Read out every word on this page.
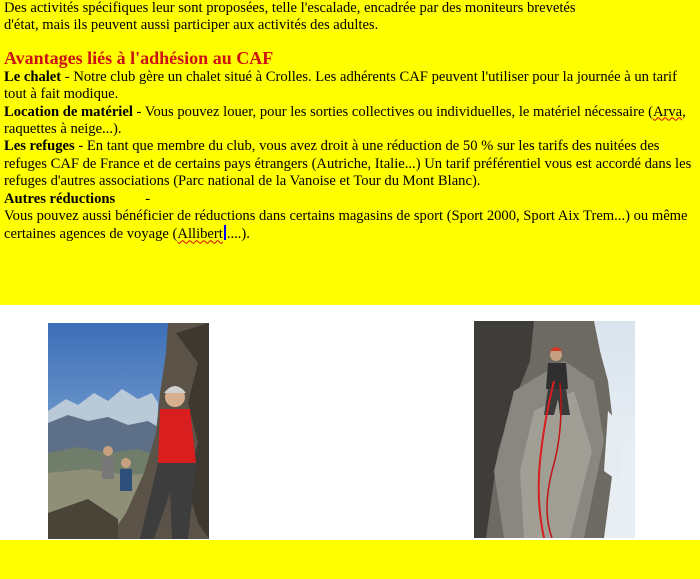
Des activités spécifiques leur sont proposées, telle l'escalade, encadrée par des moniteurs brevetés

d'état, mais ils peuvent aussi participer aux activités des adultes.

Avantages liés à l'adhésion au CAF

Le chalet - Notre club gère un chalet situé à Crolles. Les adhérents CAF peuvent l'utiliser pour la journée à un tarif tout à fait modique.

Location de matériel - Vous pouvez louer, pour les sorties collectives ou individuelles, le matériel nécessaire (Arva, raquettes à neige...).

Les refuges - En tant que membre du club, vous avez droit à une réduction de 50 % sur les tarifs des nuitées des refuges CAF de France et de certains pays étrangers (Autriche, Italie...) Un tarif préférentiel vous est accordé dans les refuges d'autres associations (Parc national de la Vanoise et Tour du Mont Blanc).

Autres réductions -

Vous pouvez aussi bénéficier de réductions dans certains magasins de sport (Sport 2000, Sport Aix Trem...) ou même certaines agences de voyage (Allibert ....).
